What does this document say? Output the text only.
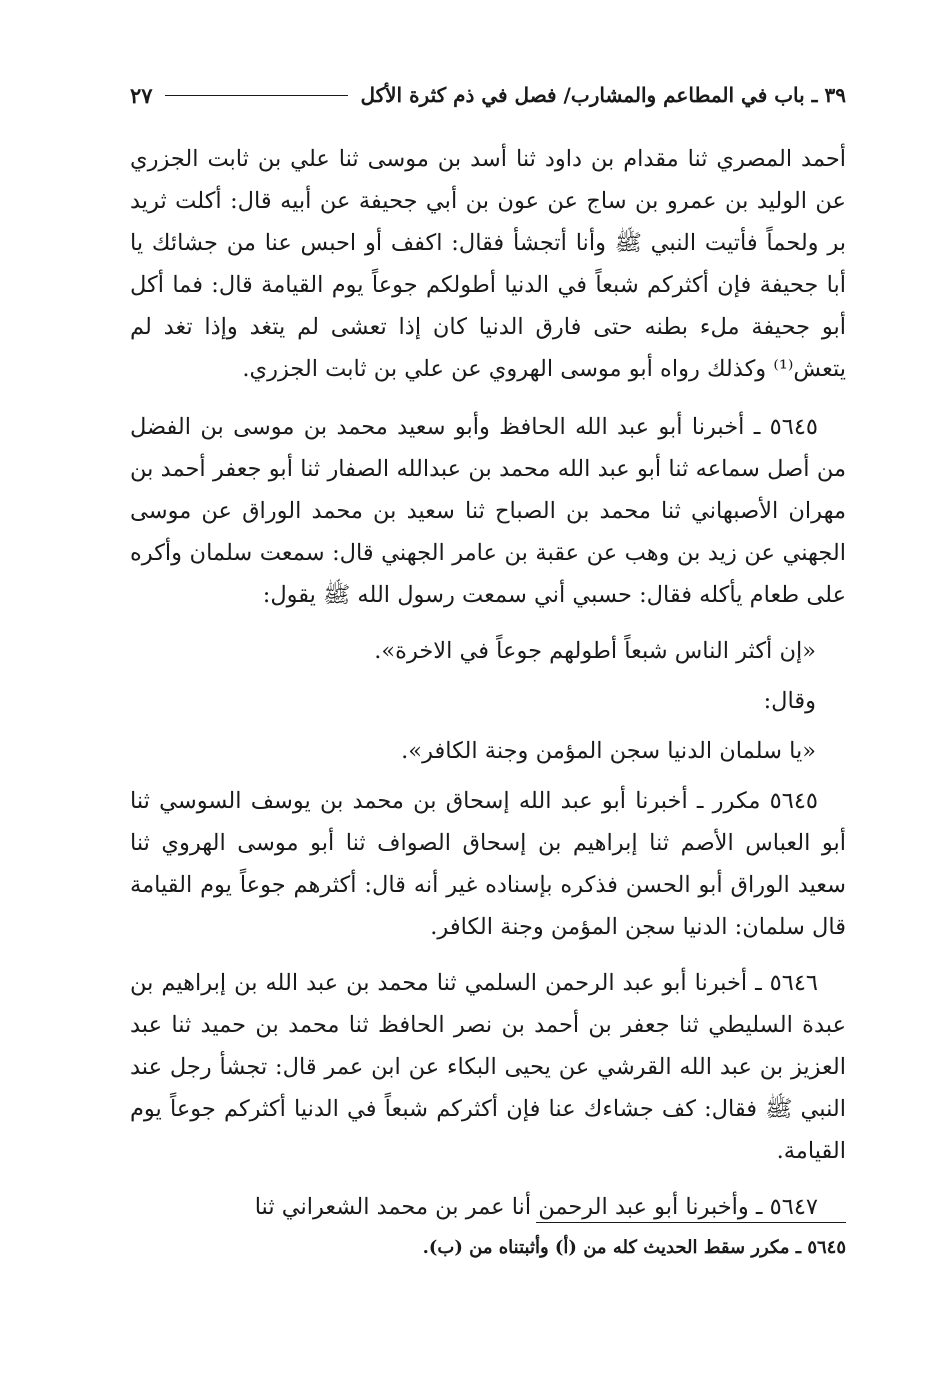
٣٩ ـ باب في المطاعم والمشارب/ فصل في ذم كثرة الأكل
٢٧

أحمد المصري ثنا مقدام بن داود ثنا أسد بن موسى ثنا علي بن ثابت الجزري عن الوليد بن عمرو بن ساج عن عون بن أبي جحيفة عن أبيه قال: أكلت ثريد بر ولحماً فأتيت النبي ﷺ وأنا أتجشأ فقال: اكفف أو احبس عنا من جشائك يا أبا جحيفة فإن أكثركم شبعاً في الدنيا أطولكم جوعاً يوم القيامة قال: فما أكل أبو جحيفة ملء بطنه حتى فارق الدنيا كان إذا تعشى لم يتغد وإذا تغد لم يتعش⁽¹⁾ وكذلك رواه أبو موسى الهروي عن علي بن ثابت الجزري.

٥٦٤٥ ـ أخبرنا أبو عبد الله الحافظ وأبو سعيد محمد بن موسى بن الفضل من أصل سماعه ثنا أبو عبد الله محمد بن عبدالله الصفار ثنا أبو جعفر أحمد بن مهران الأصبهاني ثنا محمد بن الصباح ثنا سعيد بن محمد الوراق عن موسى الجهني عن زيد بن وهب عن عقبة بن عامر الجهني قال: سمعت سلمان وأكره على طعام يأكله فقال: حسبي أني سمعت رسول الله ﷺ يقول:

«إن أكثر الناس شبعاً أطولهم جوعاً في الاخرة».

وقال:

«يا سلمان الدنيا سجن المؤمن وجنة الكافر».

٥٦٤٥ مكرر ـ أخبرنا أبو عبد الله إسحاق بن محمد بن يوسف السوسي ثنا أبو العباس الأصم ثنا إبراهيم بن إسحاق الصواف ثنا أبو موسى الهروي ثنا سعيد الوراق أبو الحسن فذكره بإسناده غير أنه قال: أكثرهم جوعاً يوم القيامة قال سلمان: الدنيا سجن المؤمن وجنة الكافر.

٥٦٤٦ ـ أخبرنا أبو عبد الرحمن السلمي ثنا محمد بن عبد الله بن إبراهيم بن عبدة السليطي ثنا جعفر بن أحمد بن نصر الحافظ ثنا محمد بن حميد ثنا عبد العزيز بن عبد الله القرشي عن يحيى البكاء عن ابن عمر قال: تجشأ رجل عند النبي ﷺ فقال: كف جشاءك عنا فإن أكثركم شبعاً في الدنيا أكثركم جوعاً يوم القيامة.

٥٦٤٧ ـ وأخبرنا أبو عبد الرحمن أنا عمر بن محمد الشعراني ثنا

٥٦٤٥ ـ مكرر سقط الحديث كله من (أ) وأثبتناه من (ب).
